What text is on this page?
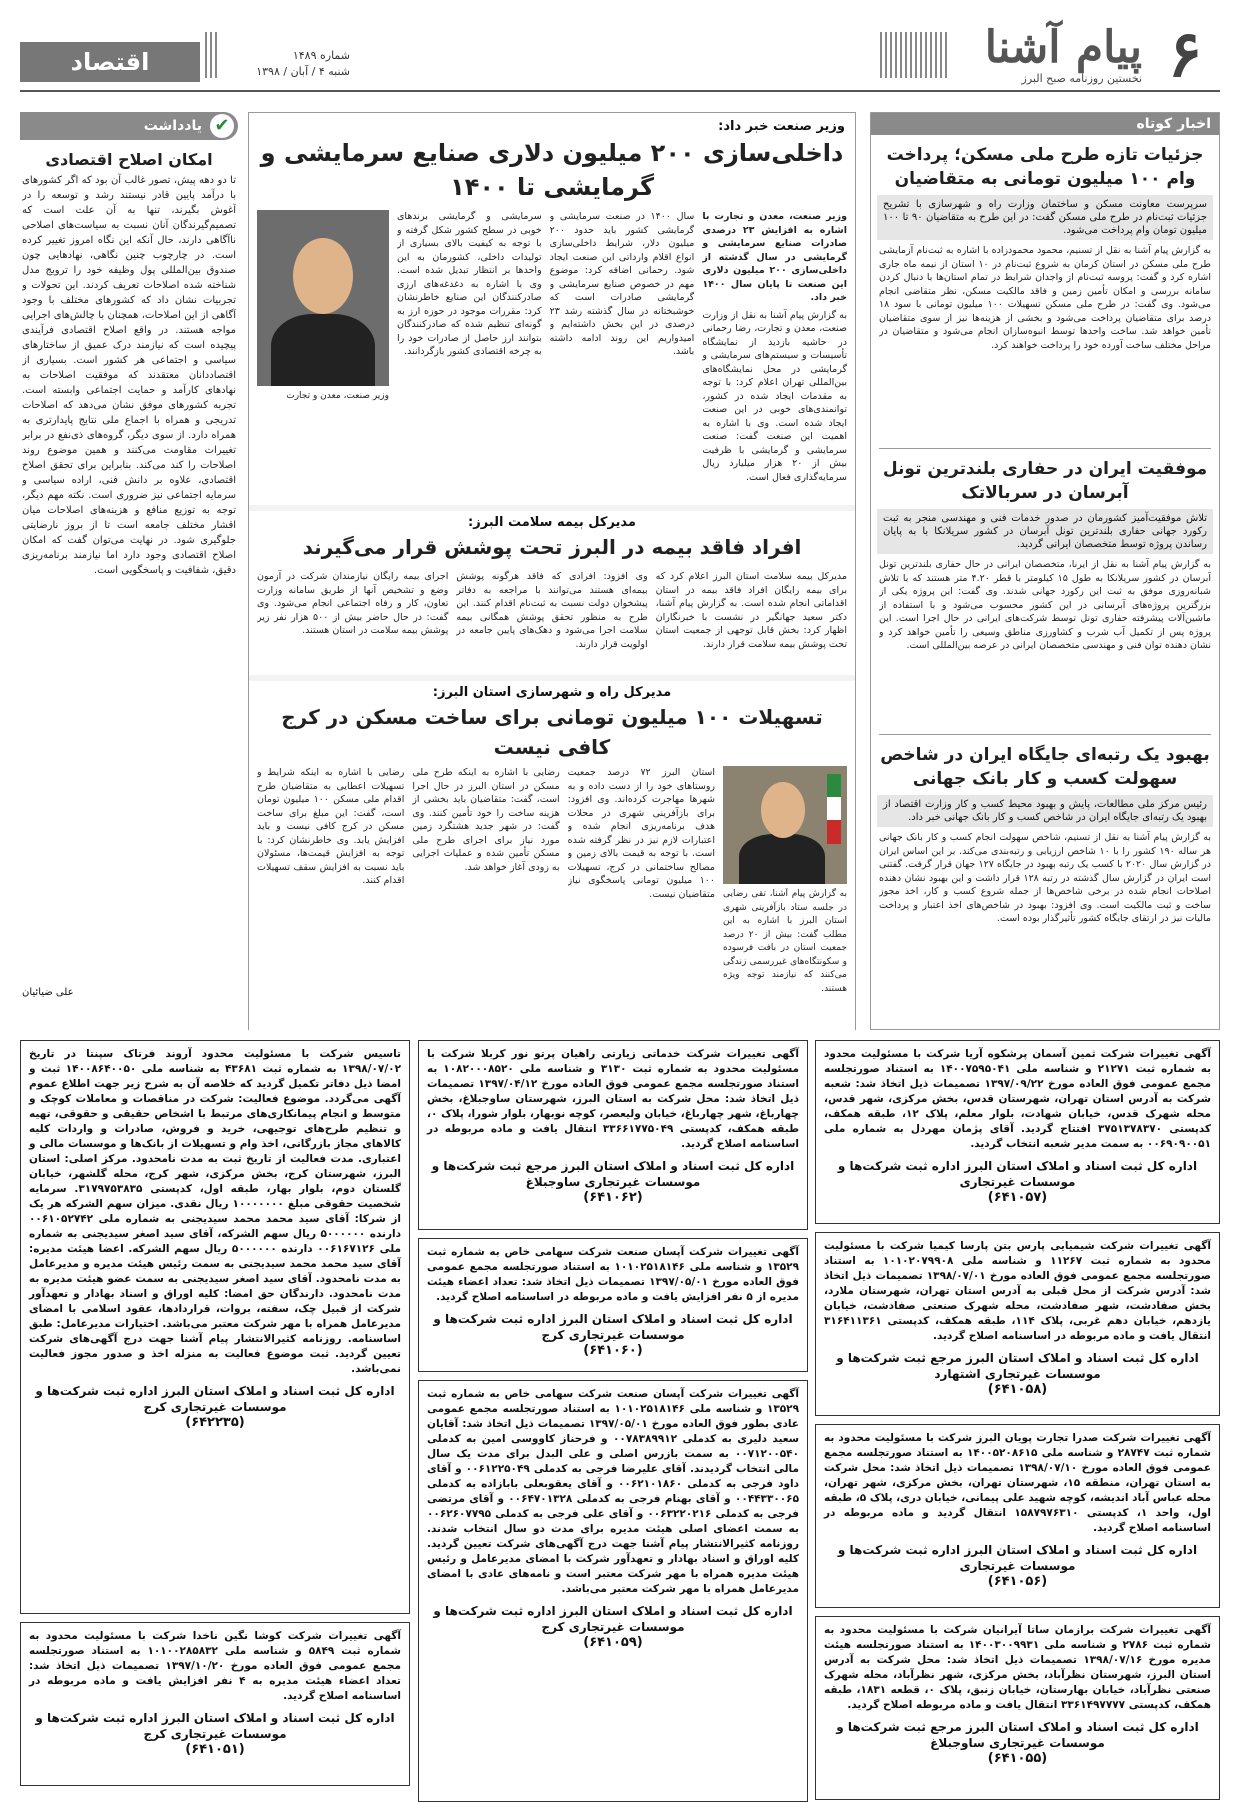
۶
پیام آشنا
نخستین روزنامه صبح البرز
شماره ۱۴۸۹
شنبه ۴ / آبان / ۱۳۹۸
اقتصاد
اخبار کوتاه
جزئیات تازه طرح ملی مسکن؛ پرداخت وام ۱۰۰ میلیون تومانی به متقاضیان
سرپرست معاونت مسکن و ساختمان وزارت راه و شهرسازی با تشریح جزئیات ثبت‌نام در طرح ملی مسکن گفت: در این طرح به متقاضیان ۹۰ تا ۱۰۰ میلیون تومان وام پرداخت می‌شود.
به گزارش پیام آشنا به نقل از تسنیم، محمود محمودزاده با اشاره به ثبت‌نام آزمایشی طرح ملی مسکن در استان کرمان به شروع ثبت‌نام در ۱۰ استان از نیمه ماه جاری اشاره کرد و گفت: پروسه ثبت‌نام از واجدان شرایط در تمام استان‌ها با دنبال کردن سامانه بررسی و امکان تأمین زمین و فاقد مالکیت مسکن، نظر متقاضی انجام می‌شود. وی گفت: در طرح ملی مسکن تسهیلات ۱۰۰ میلیون تومانی با سود ۱۸ درصد برای متقاضیان پرداخت می‌شود و بخشی از هزینه‌ها نیز از سوی متقاضیان تأمین خواهد شد. ساخت واحدها توسط انبوه‌سازان انجام می‌شود و متقاضیان در مراحل مختلف ساخت آورده خود را پرداخت خواهند کرد.
موفقیت ایران در حفاری بلندترین تونل آبرسان در سربالاتک
تلاش موفقیت‌آمیز کشورمان در صدور خدمات فنی و مهندسی منجر به ثبت رکورد جهانی حفاری بلندترین تونل آبرسان در کشور سریلانکا با به پایان رساندن پروژه توسط متخصصان ایرانی گردید.
به گزارش پیام آشنا به نقل از ایرنا، متخصصان ایرانی در حال حفاری بلندترین تونل آبرسان در کشور سریلانکا به طول ۱۵ کیلومتر با قطر ۴.۲۰ متر هستند که با تلاش شبانه‌روزی موفق به ثبت این رکورد جهانی شدند. وی گفت: این پروژه یکی از بزرگترین پروژه‌های آبرسانی در این کشور محسوب می‌شود و با استفاده از ماشین‌آلات پیشرفته حفاری تونل توسط شرکت‌های ایرانی در حال اجرا است. این پروژه پس از تکمیل آب شرب و کشاورزی مناطق وسیعی را تأمین خواهد کرد و نشان دهنده توان فنی و مهندسی متخصصان ایرانی در عرصه بین‌المللی است.
بهبود یک رتبه‌ای جایگاه ایران در شاخص سهولت کسب و کار بانک جهانی
رئیس مرکز ملی مطالعات، پایش و بهبود محیط کسب و کار وزارت اقتصاد از بهبود یک رتبه‌ای جایگاه ایران در شاخص کسب و کار بانک جهانی خبر داد.
به گزارش پیام آشنا به نقل از تسنیم، شاخص سهولت انجام کسب و کار بانک جهانی هر ساله ۱۹۰ کشور را با ۱۰ شاخص ارزیابی و رتبه‌بندی می‌کند. بر این اساس ایران در گزارش سال ۲۰۲۰ با کسب یک رتبه بهبود در جایگاه ۱۲۷ جهان قرار گرفت. گفتنی است ایران در گزارش سال گذشته در رتبه ۱۲۸ قرار داشت و این بهبود نشان دهنده اصلاحات انجام شده در برخی شاخص‌ها از جمله شروع کسب و کار، اخذ مجوز ساخت و ثبت مالکیت است. وی افزود: بهبود در شاخص‌های اخذ اعتبار و پرداخت مالیات نیز در ارتقای جایگاه کشور تأثیرگذار بوده است.
وزیر صنعت خبر داد:
داخلی‌سازی ۲۰۰ میلیون دلاری صنایع سرمایشی و گرمایشی تا ۱۴۰۰
وزیر صنعت، معدن و تجارت با اشاره به افزایش ۲۳ درصدی صادرات صنایع سرمایشی و گرمایشی در سال گذشته از داخلی‌سازی ۲۰۰ میلیون دلاری این صنعت تا پایان سال ۱۴۰۰ خبر داد.
به گزارش پیام آشنا به نقل از وزارت صنعت، معدن و تجارت، رضا رحمانی در حاشیه بازدید از نمایشگاه تأسیسات و سیستم‌های سرمایشی و گرمایشی در محل نمایشگاه‌های بین‌المللی تهران اعلام کرد: با توجه به مقدمات ایجاد شده در کشور، توانمندی‌های خوبی در این صنعت ایجاد شده است. وی با اشاره به اهمیت این صنعت گفت: صنعت سرمایشی و گرمایشی با ظرفیت بیش از ۲۰ هزار میلیارد ریال سرمایه‌گذاری فعال است.
سال ۱۴۰۰ در صنعت سرمایشی و گرمایشی کشور باید حدود ۲۰۰ میلیون دلار، شرایط داخلی‌سازی انواع اقلام وارداتی این صنعت ایجاد شود. رحمانی اضافه کرد: موضوع مهم در خصوص صنایع سرمایشی و گرمایشی صادرات است که خوشبختانه در سال گذشته رشد ۲۳ درصدی در این بخش داشته‌ایم و امیدواریم این روند ادامه داشته باشد.
سرمایشی و گرمایشی برندهای خوبی در سطح کشور شکل گرفته و با توجه به کیفیت بالای بسیاری از تولیدات داخلی، کشورمان به این واحدها بر انتظار تبدیل شده است. وی با اشاره به دغدغه‌های ارزی صادرکنندگان این صنایع خاطرنشان کرد: مقررات موجود در حوزه ارز به گونه‌ای تنظیم شده که صادرکنندگان بتوانند ارز حاصل از صادرات خود را به چرخه اقتصادی کشور بازگردانند.
وزیر صنعت، معدن و تجارت
مدیرکل بیمه سلامت البرز:
افراد فاقد بیمه در البرز تحت پوشش قرار می‌گیرند
مدیرکل بیمه سلامت استان البرز اعلام کرد که برای بیمه رایگان افراد فاقد بیمه در استان اقداماتی انجام شده است. به گزارش پیام آشنا، دکتر سعید جهانگیر در نشست با خبرنگاران اظهار کرد: بخش قابل توجهی از جمعیت استان تحت پوشش بیمه سلامت قرار دارند.
وی افزود: افرادی که فاقد هرگونه پوشش بیمه‌ای هستند می‌توانند با مراجعه به دفاتر پیشخوان دولت نسبت به ثبت‌نام اقدام کنند. این طرح به منظور تحقق پوشش همگانی بیمه سلامت اجرا می‌شود و دهک‌های پایین جامعه در اولویت قرار دارند.
اجرای بیمه رایگان نیازمندان شرکت در آزمون وضع و تشخیص آنها از طریق سامانه وزارت تعاون، کار و رفاه اجتماعی انجام می‌شود. وی گفت: در حال حاضر بیش از ۵۰۰ هزار نفر زیر پوشش بیمه سلامت در استان هستند.
مدیرکل راه و شهرسازی استان البرز:
تسهیلات ۱۰۰ میلیون تومانی برای ساخت مسکن در کرج کافی نیست
به گزارش پیام آشنا، تقی رضایی در جلسه ستاد بازآفرینی شهری استان البرز با اشاره به این مطلب گفت: بیش از ۲۰ درصد جمعیت استان در بافت فرسوده و سکونتگاه‌های غیررسمی زندگی می‌کنند که نیازمند توجه ویژه هستند.
استان البرز ۷۲ درصد جمعیت روستاهای خود را از دست داده و به شهرها مهاجرت کرده‌اند. وی افزود: برای بازآفرینی شهری در محلات هدف برنامه‌ریزی انجام شده و اعتبارات لازم نیز در نظر گرفته شده است. با توجه به قیمت بالای زمین و مصالح ساختمانی در کرج، تسهیلات ۱۰۰ میلیون تومانی پاسخگوی نیاز متقاضیان نیست.
رضایی با اشاره به اینکه طرح ملی مسکن در استان البرز در حال اجرا است، گفت: متقاضیان باید بخشی از هزینه ساخت را خود تأمین کنند. وی گفت: در شهر جدید هشتگرد زمین مورد نیاز برای اجرای طرح ملی مسکن تأمین شده و عملیات اجرایی به زودی آغاز خواهد شد.
رضایی با اشاره به اینکه شرایط و تسهیلات اعطایی به متقاضیان طرح اقدام ملی مسکن ۱۰۰ میلیون تومان است، گفت: این مبلغ برای ساخت مسکن در کرج کافی نیست و باید افزایش یابد. وی خاطرنشان کرد: با توجه به افزایش قیمت‌ها، مسئولان باید نسبت به افزایش سقف تسهیلات اقدام کنند.
✔
یادداشت
امکان اصلاح اقتصادی
تا دو دهه پیش، تصور غالب آن بود که اگر کشورهای با درآمد پایین قادر نیستند رشد و توسعه را در آغوش بگیرند، تنها به آن علت است که تصمیم‌گیرندگان آنان نسبت به سیاست‌های اصلاحی ناآگاهی دارند، حال آنکه این نگاه امروز تغییر کرده است. در چارچوب چنین نگاهی، نهادهایی چون صندوق بین‌المللی پول وظیفه خود را ترویج مدل شناخته شده اصلاحات تعریف کردند. این تحولات و تجربیات نشان داد که کشورهای مختلف با وجود آگاهی از این اصلاحات، همچنان با چالش‌های اجرایی مواجه هستند. در واقع اصلاح اقتصادی فرآیندی پیچیده است که نیازمند درک عمیق از ساختارهای سیاسی و اجتماعی هر کشور است. بسیاری از اقتصاددانان معتقدند که موفقیت اصلاحات به نهادهای کارآمد و حمایت اجتماعی وابسته است. تجربه کشورهای موفق نشان می‌دهد که اصلاحات تدریجی و همراه با اجماع ملی نتایج پایدارتری به همراه دارد. از سوی دیگر، گروه‌های ذی‌نفع در برابر تغییرات مقاومت می‌کنند و همین موضوع روند اصلاحات را کند می‌کند. بنابراین برای تحقق اصلاح اقتصادی، علاوه بر دانش فنی، اراده سیاسی و سرمایه اجتماعی نیز ضروری است. نکته مهم دیگر، توجه به توزیع منافع و هزینه‌های اصلاحات میان اقشار مختلف جامعه است تا از بروز نارضایتی جلوگیری شود. در نهایت می‌توان گفت که امکان اصلاح اقتصادی وجود دارد اما نیازمند برنامه‌ریزی دقیق، شفافیت و پاسخگویی است.
علی ضیائیان
آگهی تغییرات شرکت ثمین آسمان پرشکوه آریا شرکت با مسئولیت محدود به شماره ثبت ۲۱۲۷۱ و شناسه ملی ۱۴۰۰۷۵۹۵۰۴۱ به استناد صورتجلسه مجمع عمومی فوق العاده مورخ ۱۳۹۷/۰۹/۲۲ تصمیمات ذیل اتخاذ شد: شعبه شرکت به آدرس استان تهران، شهرستان قدس، بخش مرکزی، شهر قدس، محله شهرک قدس، خیابان شهادت، بلوار معلم، پلاک ۱۲، طبقه همکف، کدپستی ۳۷۵۱۳۷۸۳۷۰ افتتاح گردید. آقای پژمان مهردل به شماره ملی ۰۰۶۹۰۹۰۰۵۱ به سمت مدیر شعبه انتخاب گردید.
اداره کل ثبت اسناد و املاک استان البرز اداره ثبت شرکت‌ها و موسسات غیرتجاری
(۶۴۱۰۵۷)
آگهی تغییرات شرکت شیمیایی پارس بتن پارسا کیمیا شرکت با مسئولیت محدود به شماره ثبت ۱۱۲۶۷ و شناسه ملی ۱۰۱۰۲۰۷۹۹۰۸ به استناد صورتجلسه مجمع عمومی فوق العاده مورخ ۱۳۹۸/۰۷/۰۱ تصمیمات ذیل اتخاذ شد: آدرس شرکت از محل قبلی به آدرس استان تهران، شهرستان ملارد، بخش صفادشت، شهر صفادشت، محله شهرک صنعتی صفادشت، خیابان یازدهم، خیابان دهم غربی، پلاک ۱۱۴، طبقه همکف، کدپستی ۳۱۶۴۱۱۳۶۱ انتقال یافت و ماده مربوطه در اساسنامه اصلاح گردید.
اداره کل ثبت اسناد و املاک استان البرز مرجع ثبت شرکت‌ها و موسسات غیرتجاری اشتهارد
(۶۴۱۰۵۸)
آگهی تغییرات شرکت صدرا تجارت پویان البرز شرکت با مسئولیت محدود به شماره ثبت ۲۸۷۴۷ و شناسه ملی ۱۴۰۰۵۲۰۸۶۱۵ به استناد صورتجلسه مجمع عمومی فوق العاده مورخ ۱۳۹۸/۰۷/۱۰ تصمیمات ذیل اتخاذ شد: محل شرکت به استان تهران، منطقه ۱۵، شهرستان تهران، بخش مرکزی، شهر تهران، محله عباس آباد اندیشه، کوچه شهید علی پیمانی، خیابان دری، پلاک ۵، طبقه اول، واحد ۱، کدپستی ۱۵۸۷۹۷۶۳۱۰ انتقال گردید و ماده مربوطه در اساسنامه اصلاح گردید.
اداره کل ثبت اسناد و املاک استان البرز اداره ثبت شرکت‌ها و موسسات غیرتجاری
(۶۴۱۰۵۶)
آگهی تغییرات شرکت برازمان ساتا آیرانیان شرکت با مسئولیت محدود به شماره ثبت ۲۷۸۶ و شناسه ملی ۱۴۰۰۳۰۰۹۹۳۱ به استناد صورتجلسه هیئت مدیره مورخ ۱۳۹۸/۰۷/۱۶ تصمیمات ذیل اتخاذ شد: محل شرکت به آدرس استان البرز، شهرستان نظرآباد، بخش مرکزی، شهر نظرآباد، محله شهرک صنعتی نظرآباد، خیابان بهارستان، خیابان زنبق، پلاک ۰، قطعه ۱۸۳۱، طبقه همکف، کدپستی ۳۳۶۱۴۹۷۷۷۷ انتقال یافت و ماده مربوطه اصلاح گردید.
اداره کل ثبت اسناد و املاک استان البرز مرجع ثبت شرکت‌ها و موسسات غیرتجاری ساوجبلاغ
(۶۴۱۰۵۵)
آگهی تغییرات شرکت خدماتی زیارتی راهیان پرتو نور کربلا شرکت با مسئولیت محدود به شماره ثبت ۳۱۳۰ و شناسه ملی ۱۰۸۲۰۰۰۸۵۲۰ به استناد صورتجلسه مجمع عمومی فوق العاده مورخ ۱۳۹۷/۰۴/۱۲ تصمیمات ذیل اتخاذ شد: محل شرکت به استان البرز، شهرستان ساوجبلاغ، بخش چهارباغ، شهر چهارباغ، خیابان ولیعصر، کوچه نوبهار، بلوار شورا، پلاک ۰، طبقه همکف، کدپستی ۳۳۶۶۱۷۷۵۰۴۹ انتقال یافت و ماده مربوطه در اساسنامه اصلاح گردید.
اداره کل ثبت اسناد و املاک استان البرز مرجع ثبت شرکت‌ها و موسسات غیرتجاری ساوجبلاغ
(۶۴۱۰۶۲)
آگهی تغییرات شرکت آپسان صنعت شرکت سهامی خاص به شماره ثبت ۱۳۵۲۹ و شناسه ملی ۱۰۱۰۲۵۱۸۱۴۶ به استناد صورتجلسه مجمع عمومی فوق العاده مورخ ۱۳۹۷/۰۵/۰۱ تصمیمات ذیل اتخاذ شد: تعداد اعضاء هیئت مدیره از ۵ نفر افزایش یافت و ماده مربوطه در اساسنامه اصلاح گردید.
اداره کل ثبت اسناد و املاک استان البرز اداره ثبت شرکت‌ها و موسسات غیرتجاری کرج
(۶۴۱۰۶۰)
آگهی تغییرات شرکت آپسان صنعت شرکت سهامی خاص به شماره ثبت ۱۳۵۲۹ و شناسه ملی ۱۰۱۰۲۵۱۸۱۴۶ به استناد صورتجلسه مجمع عمومی عادی بطور فوق العاده مورخ ۱۳۹۷/۰۵/۰۱ تصمیمات ذیل اتخاذ شد: آقایان سعید دلیری به کدملی ۰۰۷۸۳۸۹۹۱۲ و فرحناز کاووسی امین به کدملی ۰۰۷۱۲۰۰۵۴۰ به سمت بازرس اصلی و علی البدل برای مدت یک سال مالی انتخاب گردیدند. آقای علیرضا فرجی به کدملی ۰۰۶۱۲۲۵۰۴۹ و آقای داود فرجی به کدملی ۰۰۶۲۱۰۱۸۶۰ و آقای یعقوبعلی بابازاده به کدملی ۰۰۴۴۳۳۰۰۶۵ و آقای بهنام فرجی به کدملی ۰۰۶۴۷۰۱۳۲۸ و آقای مرتضی فرجی به کدملی ۰۰۶۳۲۲۰۲۱۶ و آقای علی فرجی به کدملی ۰۰۶۲۶۰۷۷۹۵ به سمت اعضای اصلی هیئت مدیره برای مدت دو سال انتخاب شدند. روزنامه کثیرالانتشار پیام آشنا جهت درج آگهی‌های شرکت تعیین گردید. کلیه اوراق و اسناد بهادار و تعهدآور شرکت با امضای مدیرعامل و رئیس هیئت مدیره همراه با مهر شرکت معتبر است و نامه‌های عادی با امضای مدیرعامل همراه با مهر شرکت معتبر می‌باشد.
اداره کل ثبت اسناد و املاک استان البرز اداره ثبت شرکت‌ها و موسسات غیرتجاری کرج
(۶۴۱۰۵۹)
تاسیس شرکت با مسئولیت محدود آروند فرتاک سپنتا در تاریخ ۱۳۹۸/۰۷/۰۲ به شماره ثبت ۴۳۶۸۱ به شناسه ملی ۱۴۰۰۸۶۴۰۰۵۰ ثبت و امضا ذیل دفاتر تکمیل گردید که خلاصه آن به شرح زیر جهت اطلاع عموم آگهی می‌گردد. موضوع فعالیت: شرکت در مناقصات و معاملات کوچک و متوسط و انجام پیمانکاری‌های مرتبط با اشخاص حقیقی و حقوقی، تهیه و تنظیم طرح‌های توجیهی، خرید و فروش، صادرات و واردات کلیه کالاهای مجاز بازرگانی، اخذ وام و تسهیلات از بانک‌ها و موسسات مالی و اعتباری. مدت فعالیت از تاریخ ثبت به مدت نامحدود. مرکز اصلی: استان البرز، شهرستان کرج، بخش مرکزی، شهر کرج، محله گلشهر، خیابان گلستان دوم، بلوار بهار، طبقه اول، کدپستی ۳۱۷۹۷۵۳۸۳۵. سرمایه شخصیت حقوقی مبلغ ۱۰۰۰۰۰۰۰ ریال نقدی. میزان سهم الشرکه هر یک از شرکا: آقای سید محمد محمد سیدیجنی به شماره ملی ۰۰۶۱۰۵۲۷۴۲ دارنده ۵۰۰۰۰۰۰ ریال سهم الشرکه، آقای سید اصغر سیدیجنی به شماره ملی ۰۰۶۱۶۷۱۲۶ دارنده ۵۰۰۰۰۰۰ ریال سهم الشرکه. اعضا هیئت مدیره: آقای سید محمد محمد سیدیجنی به سمت رئیس هیئت مدیره و مدیرعامل به مدت نامحدود. آقای سید اصغر سیدیجنی به سمت عضو هیئت مدیره به مدت نامحدود. دارندگان حق امضا: کلیه اوراق و اسناد بهادار و تعهدآور شرکت از قبیل چک، سفته، بروات، قراردادها، عقود اسلامی با امضای مدیرعامل همراه با مهر شرکت معتبر می‌باشد. اختیارات مدیرعامل: طبق اساسنامه. روزنامه کثیرالانتشار پیام آشنا جهت درج آگهی‌های شرکت تعیین گردید. ثبت موضوع فعالیت به منزله اخذ و صدور مجوز فعالیت نمی‌باشد.
اداره کل ثبت اسناد و املاک استان البرز اداره ثبت شرکت‌ها و موسسات غیرتجاری کرج
(۶۴۲۲۳۵)
آگهی تغییرات شرکت کوشا نگین ناخدا شرکت با مسئولیت محدود به شماره ثبت ۵۸۴۹ و شناسه ملی ۱۰۱۰۰۲۸۵۸۳۲ به استناد صورتجلسه مجمع عمومی فوق العاده مورخ ۱۳۹۷/۱۰/۲۰ تصمیمات ذیل اتخاذ شد: تعداد اعضاء هیئت مدیره به ۴ نفر افزایش یافت و ماده مربوطه در اساسنامه اصلاح گردید.
اداره کل ثبت اسناد و املاک استان البرز اداره ثبت شرکت‌ها و موسسات غیرتجاری کرج
(۶۴۱۰۵۱)
